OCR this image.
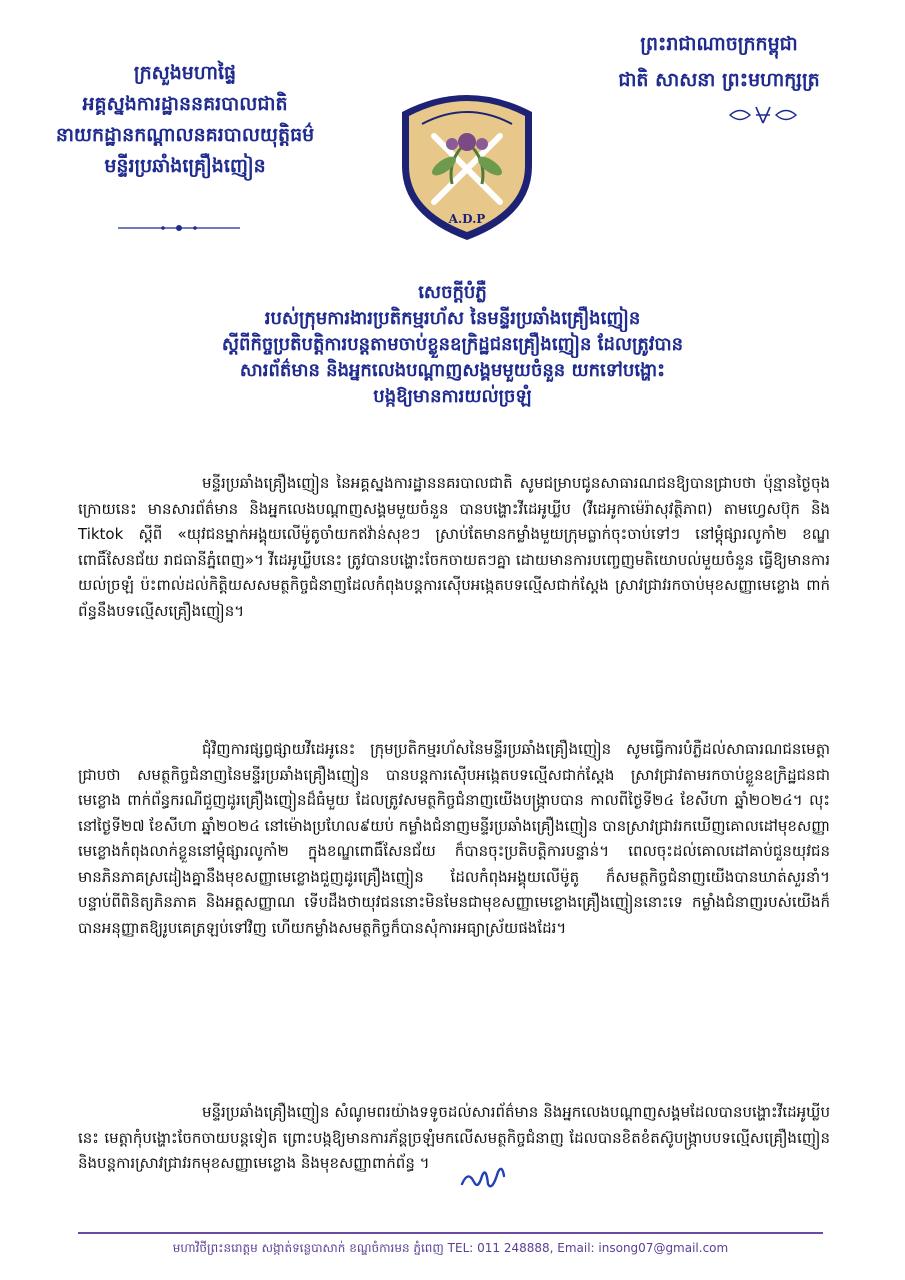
ក្រសួងមហាផ្ទៃ
អគ្គស្នងការដ្ឋាននគរបាលជាតិ
នាយកដ្ឋានកណ្តាលនគរបាលយុត្តិធម៌
មន្ទីរប្រឆាំងគ្រឿងញៀន
A.D.P
ព្រះរាជាណាចក្រកម្ពុជា
ជាតិ សាសនា ព្រះមហាក្សត្រ
សេចក្តីបំភ្លឺ
របស់ក្រុមការងារប្រតិកម្មរហ័ស នៃមន្ទីរប្រឆាំងគ្រឿងញៀន
ស្តីពីកិច្ចប្រតិបត្តិការបន្តតាមចាប់ខ្លួនឧក្រិដ្ឋជនគ្រឿងញៀន ដែលត្រូវបាន
សារព័ត៌មាន និងអ្នកលេងបណ្តាញសង្គមមួយចំនួន យកទៅបង្ហោះ
បង្កឱ្យមានការយល់ច្រឡំ

មន្ទីរប្រឆាំងគ្រឿងញៀន នៃអគ្គស្នងការដ្ឋាននគរបាលជាតិ សូមជម្រាបជូនសាធារណជនឱ្យបានជ្រាបថា ប៉ុន្មានថ្ងៃចុងក្រោយនេះ មានសារព័ត៌មាន និងអ្នកលេងបណ្តាញសង្គមមួយចំនួន បានបង្ហោះវីដេអូឃ្លីប (វីដេអូកាម៉េរ៉ាសុវត្ថិភាព) តាមហ្វេសប៊ុក និង Tiktok ស្តីពី «យុវជនម្នាក់អង្គុយលើម៉ូតូចាំយកឥវ៉ាន់សុខៗ ស្រាប់តែមានកម្លាំងមួយក្រុមធ្លាក់ចុះចាប់ទៅៗ នៅម្តុំផ្សារលូកាំ២ ខណ្ឌពោធិ៍សែនជ័យ រាជធានីភ្នំពេញ»។ វីដេអូឃ្លីបនេះ ត្រូវបានបង្ហោះចែកចាយតៗគ្នា ដោយមានការបញ្ចេញមតិយោបល់មួយចំនួន ធ្វើឱ្យមានការយល់ច្រឡំ ប៉ះពាល់ដល់កិត្តិយសសមត្ថកិច្ចជំនាញដែលកំពុងបន្តការស៊ើបអង្កេតបទល្មើសជាក់ស្តែង ស្រាវជ្រាវរកចាប់មុខសញ្ញាមេខ្លោង ពាក់ព័ន្ធនឹងបទល្មើសគ្រឿងញៀន។

ជុំវិញការផ្សព្វផ្សាយវីដេអូនេះ ក្រុមប្រតិកម្មរហ័សនៃមន្ទីរប្រឆាំងគ្រឿងញៀន សូមធ្វើការបំភ្លឺដល់សាធារណជនមេត្តាជ្រាបថា សមត្ថកិច្ចជំនាញនៃមន្ទីរប្រឆាំងគ្រឿងញៀន បានបន្តការស៊ើបអង្កេតបទល្មើសជាក់ស្តែង ស្រាវជ្រាវតាមរកចាប់ខ្លួនឧក្រិដ្ឋជនជាមេខ្លោង ពាក់ព័ន្ធករណីជួញដូរគ្រឿងញៀនដ៏ធំមួយ ដែលត្រូវសមត្ថកិច្ចជំនាញយើងបង្ក្រាបបាន កាលពីថ្ងៃទី២៤ ខែសីហា ឆ្នាំ២០២៤។ លុះនៅថ្ងៃទី២៧ ខែសីហា ឆ្នាំ២០២៤ នៅម៉ោងប្រហែល៩យប់ កម្លាំងជំនាញមន្ទីរប្រឆាំងគ្រឿងញៀន បានស្រាវជ្រាវរកឃើញគោលដៅមុខសញ្ញាមេខ្លោងកំពុងលាក់ខ្លួននៅម្តុំផ្សារលូកាំ២ ក្នុងខណ្ឌពោធិ៍សែនជ័យ ក៏បានចុះប្រតិបត្តិការបន្ទាន់។ ពេលចុះដល់គោលដៅគាប់ជួនយុវជនមានភិនភាគស្រដៀងគ្នានឹងមុខសញ្ញាមេខ្លោងជួញដូរគ្រឿងញៀន ដែលកំពុងអង្គុយលើម៉ូតូ ក៏សមត្ថកិច្ចជំនាញយើងបានឃាត់សួរនាំ។ បន្ទាប់ពីពិនិត្យភិនភាគ និងអត្តសញ្ញាណ ទើបដឹងថាយុវជននោះមិនមែនជាមុខសញ្ញាមេខ្លោងគ្រឿងញៀននោះទេ កម្លាំងជំនាញរបស់យើងក៏បានអនុញ្ញាតឱ្យរូបគេត្រឡប់ទៅវិញ ហើយកម្លាំងសមត្ថកិច្ចក៏បានសុំការអធ្យាស្រ័យផងដែរ។

មន្ទីរប្រឆាំងគ្រឿងញៀន សំណូមពរយ៉ាងទទូចដល់សារព័ត៌មាន និងអ្នកលេងបណ្តាញសង្គមដែលបានបង្ហោះវីដេអូឃ្លីបនេះ មេត្តាកុំបង្ហោះចែកចាយបន្តទៀត ព្រោះបង្កឱ្យមានការភ័ន្តច្រឡំមកលើសមត្ថកិច្ចជំនាញ ដែលបានខិតខំតស៊ូបង្ក្រាបបទល្មើសគ្រឿងញៀន និងបន្តការស្រាវជ្រាវរកមុខសញ្ញាមេខ្លោង និងមុខសញ្ញាពាក់ព័ន្ធ ។

មហាវិថីព្រះនរោត្តម សង្កាត់ទន្លេបាសាក់ ខណ្ឌចំការមន ភ្នំពេញ TEL: 011 248888, Email: insong07@gmail.com
